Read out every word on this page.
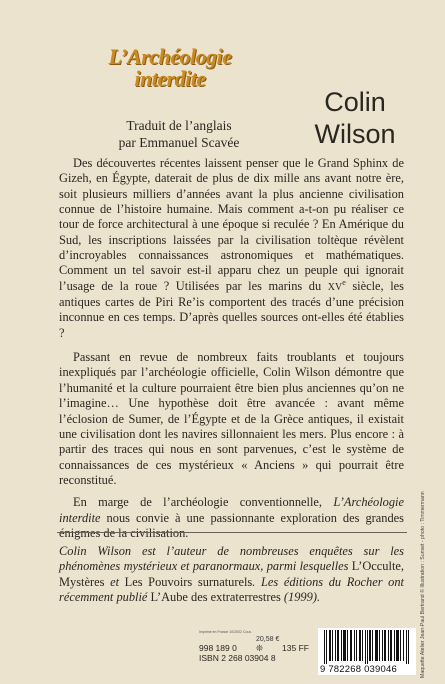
L’Archéologie
interdite
Traduit de l’anglais
par Emmanuel Scavée
Colin
Wilson

Des découvertes récentes laissent penser que le Grand Sphinx de Gizeh, en Égypte, daterait de plus de dix mille ans avant notre ère, soit plusieurs milliers d’années avant la plus ancienne civilisation connue de l’histoire humaine. Mais comment a-t-on pu réaliser ce tour de force architectural à une époque si reculée ? En Amérique du Sud, les inscriptions laissées par la civilisation toltèque révèlent d’incroyables connaissances astronomiques et mathématiques. Comment un tel savoir est-il apparu chez un peuple qui ignorait l’usage de la roue ? Utilisées par les marins du XVe siècle, les antiques cartes de Piri Re’is comportent des tracés d’une précision inconnue en ces temps. D’après quelles sources ont-elles été établies ?

Passant en revue de nombreux faits troublants et toujours inexpliqués par l’archéologie officielle, Colin Wilson démontre que l’humanité et la culture pourraient être bien plus anciennes qu’on ne l’imagine… Une hypothèse doit être avancée : avant même l’éclosion de Sumer, de l’Égypte et de la Grèce antiques, il existait une civilisation dont les navires sillonnaient les mers. Plus encore : à partir des traces qui nous en sont parvenues, c’est le système de connaissances de ces mystérieux « Anciens » qui pourrait être reconstitué.

En marge de l’archéologie conventionnelle, L’Archéologie interdite nous convie à une passionnante exploration des grandes énigmes de la civilisation.

Colin Wilson est l’auteur de nombreuses enquêtes sur les phénomènes mystérieux et paranormaux, parmi lesquelles L’Occulte, Mystères et Les Pouvoirs surnaturels. Les éditions du Rocher ont récemment publié L’Aube des extraterrestres (1999).
Imprimé en France 10/2002 Couv.
20,58 €
998 189 0 ❊ 135 FF
ISBN 2 268 03904 8
9 782268 039046	Maquette Atelier Jean-Paul Bertrand © Illustration : Sunset - photo : Timmermann
